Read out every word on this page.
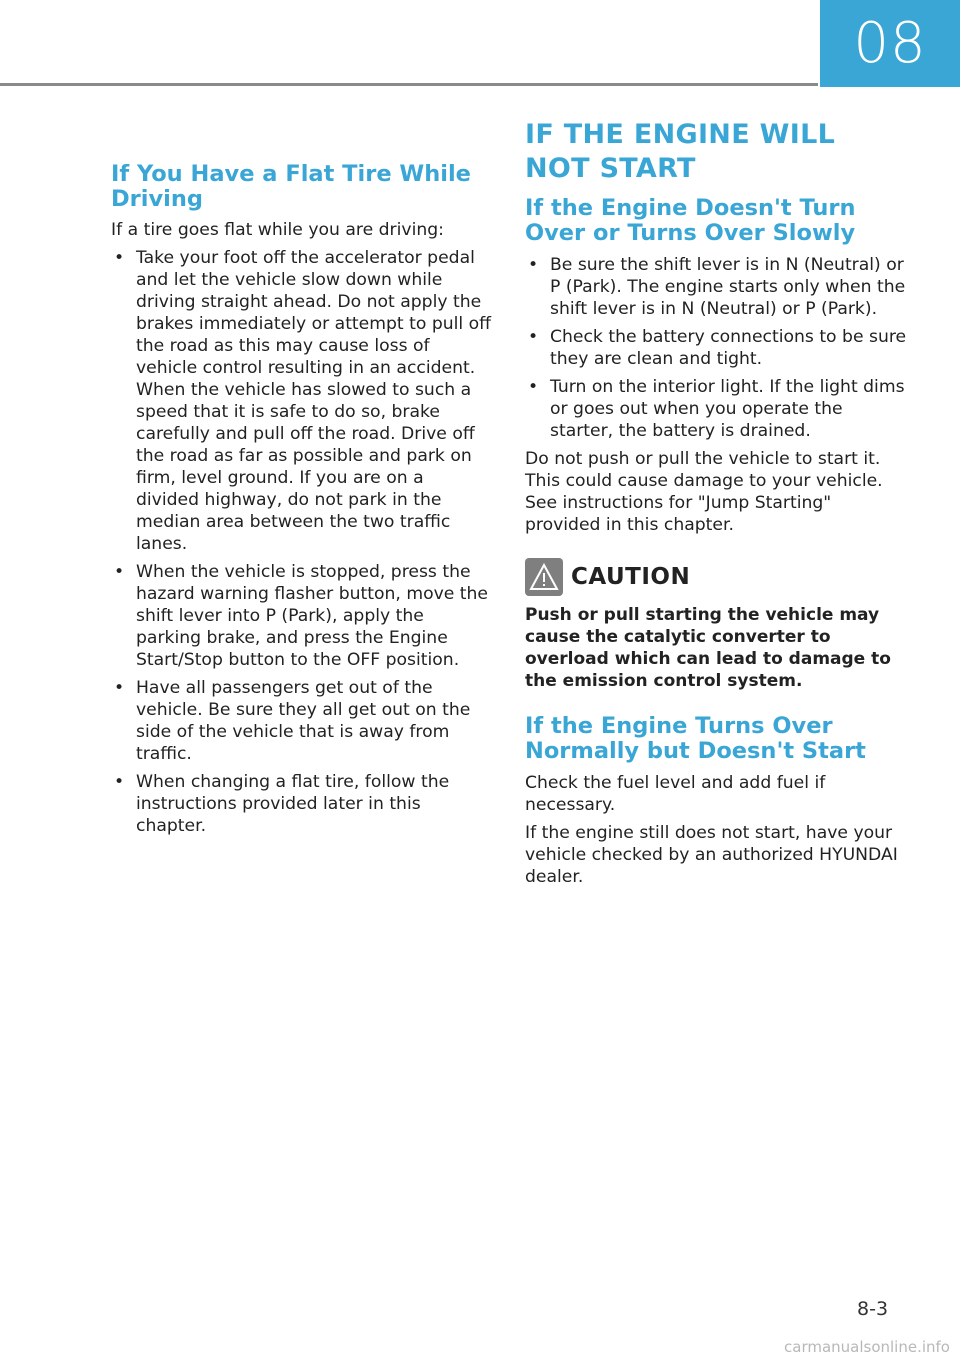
08
If You Have a Flat Tire While Driving

If a tire goes flat while you are driving:

• Take your foot off the accelerator pedal and let the vehicle slow down while driving straight ahead. Do not apply the brakes immediately or attempt to pull off the road as this may cause loss of vehicle control resulting in an accident. When the vehicle has slowed to such a speed that it is safe to do so, brake carefully and pull off the road. Drive off the road as far as possible and park on firm, level ground. If you are on a divided highway, do not park in the median area between the two traffic lanes.
• When the vehicle is stopped, press the hazard warning flasher button, move the shift lever into P (Park), apply the parking brake, and press the Engine Start/Stop button to the OFF position.
• Have all passengers get out of the vehicle. Be sure they all get out on the side of the vehicle that is away from traffic.
• When changing a flat tire, follow the instructions provided later in this chapter.
IF THE ENGINE WILL NOT START
If the Engine Doesn't Turn Over or Turns Over Slowly
• Be sure the shift lever is in N (Neutral) or P (Park). The engine starts only when the shift lever is in N (Neutral) or P (Park).
• Check the battery connections to be sure they are clean and tight.
• Turn on the interior light. If the light dims or goes out when you operate the starter, the battery is drained.

Do not push or pull the vehicle to start it. This could cause damage to your vehicle. See instructions for "Jump Starting" provided in this chapter.

CAUTION

Push or pull starting the vehicle may cause the catalytic converter to overload which can lead to damage to the emission control system.

If the Engine Turns Over Normally but Doesn't Start

Check the fuel level and add fuel if necessary.

If the engine still does not start, have your vehicle checked by an authorized HYUNDAI dealer.

8-3
carmanualsonline.info
